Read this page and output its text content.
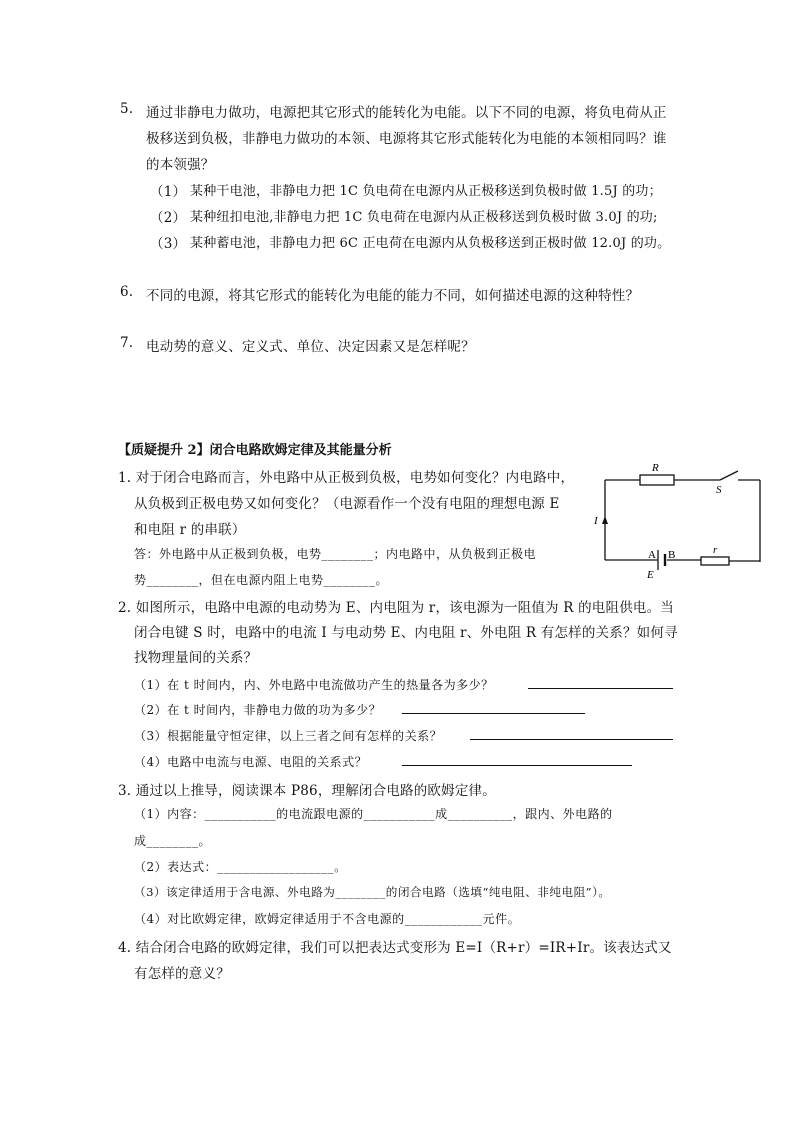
5. 通过非静电力做功，电源把其它形式的能转化为电能。以下不同的电源，将负电荷从正
极移送到负极，非静电力做功的本领、电源将其它形式能转化为电能的本领相同吗？谁
的本领强？
（1） 某种干电池，非静电力把 1C 负电荷在电源内从正极移送到负极时做 1.5J 的功；
（2） 某种纽扣电池,非静电力把 1C 负电荷在电源内从正极移送到负极时做 3.0J 的功;
（3） 某种蓄电池，非静电力把 6C 正电荷在电源内从负极移送到正极时做 12.0J 的功。
6. 不同的电源，将其它形式的能转化为电能的能力不同，如何描述电源的这种特性？
7. 电动势的意义、定义式、单位、决定因素又是怎样呢？
【质疑提升 2】闭合电路欧姆定律及其能量分析
1. 对于闭合电路而言，外电路中从正极到负极，电势如何变化？内电路中，
从负极到正极电势又如何变化？（电源看作一个没有电阻的理想电源 E
和电阻 r 的串联）
答：外电路中从正极到负极，电势________；内电路中，从负极到正极电
势________，但在电源内阻上电势________。
R
S
I
A B	r
E
2. 如图所示，电路中电源的电动势为 E、内电阻为 r，该电源为一阻值为 R 的电阻供电。当
闭合电键 S 时，电路中的电流 I 与电动势 E、内电阻 r、外电阻 R 有怎样的关系？如何寻
找物理量间的关系？
（1）在 t 时间内，内、外电路中电流做功产生的热量各为多少？
（2）在 t 时间内，非静电力做的功为多少？
（3）根据能量守恒定律，以上三者之间有怎样的关系？
（4）电路中电流与电源、电阻的关系式？
3. 通过以上推导，阅读课本 P86，理解闭合电路的欧姆定律。
（1）内容：___________的电流跟电源的___________成__________，跟内、外电路的
成________。
（2）表达式：__________________。
（3）该定律适用于含电源、外电路为________的闭合电路（选填“纯电阻、非纯电阻”）。
（4）对比欧姆定律，欧姆定律适用于不含电源的____________元件。
4. 结合闭合电路的欧姆定律，我们可以把表达式变形为 E=I（R+r）=IR+Ir。该表达式又
有怎样的意义？
